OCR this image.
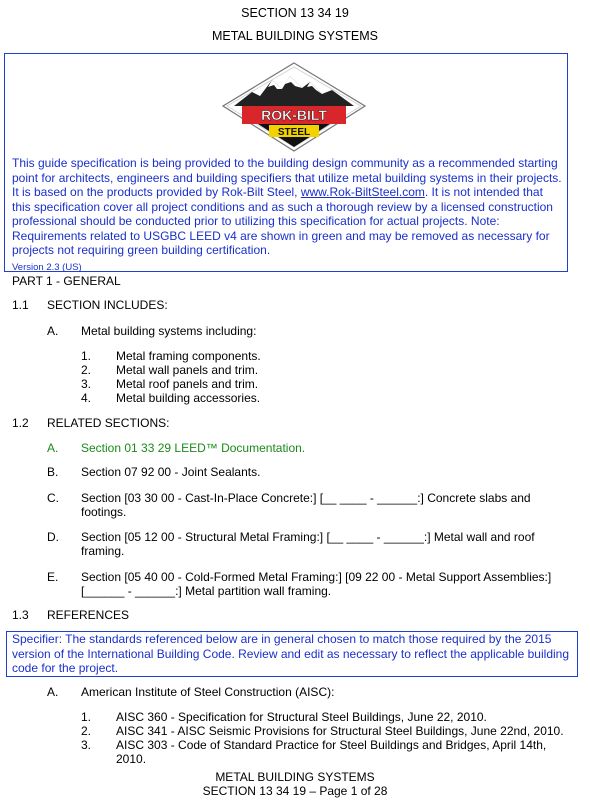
SECTION 13 34 19
METAL BUILDING SYSTEMS
ROK-BILT
STEEL
This guide specification is being provided to the building design community as a recommended starting point for architects, engineers and building specifiers that utilize metal building systems in their projects. It is based on the products provided by Rok-Bilt Steel, www.Rok-BiltSteel.com. It is not intended that this specification cover all project conditions and as such a thorough review by a licensed construction professional should be conducted prior to utilizing this specification for actual projects. Note: Requirements related to USGBC LEED v4 are shown in green and may be removed as necessary for projects not requiring green building certification.
Version 2.3 (US)
PART 1 - GENERAL
1.1 SECTION INCLUDES:
A. Metal building systems including:
1. Metal framing components.
2. Metal wall panels and trim.
3. Metal roof panels and trim.
4. Metal building accessories.
1.2 RELATED SECTIONS:
A. Section 01 33 29 LEED™ Documentation.
B. Section 07 92 00 - Joint Sealants.
C. Section [03 30 00 - Cast-In-Place Concrete:] [__ ____ - ______:] Concrete slabs and
footings.
D. Section [05 12 00 - Structural Metal Framing:] [__ ____ - ______:] Metal wall and roof
framing.
E. Section [05 40 00 - Cold-Formed Metal Framing:] [09 22 00 - Metal Support Assemblies:]
[______ - ______:] Metal partition wall framing.
1.3 REFERENCES
Specifier: The standards referenced below are in general chosen to match those required by the 2015 version of the International Building Code. Review and edit as necessary to reflect the applicable building code for the project.
A. American Institute of Steel Construction (AISC):
1. AISC 360 - Specification for Structural Steel Buildings, June 22, 2010.
2. AISC 341 - AISC Seismic Provisions for Structural Steel Buildings, June 22nd, 2010.
3. AISC 303 - Code of Standard Practice for Steel Buildings and Bridges, April 14th,
2010.
METAL BUILDING SYSTEMS
SECTION 13 34 19 – Page 1 of 28
